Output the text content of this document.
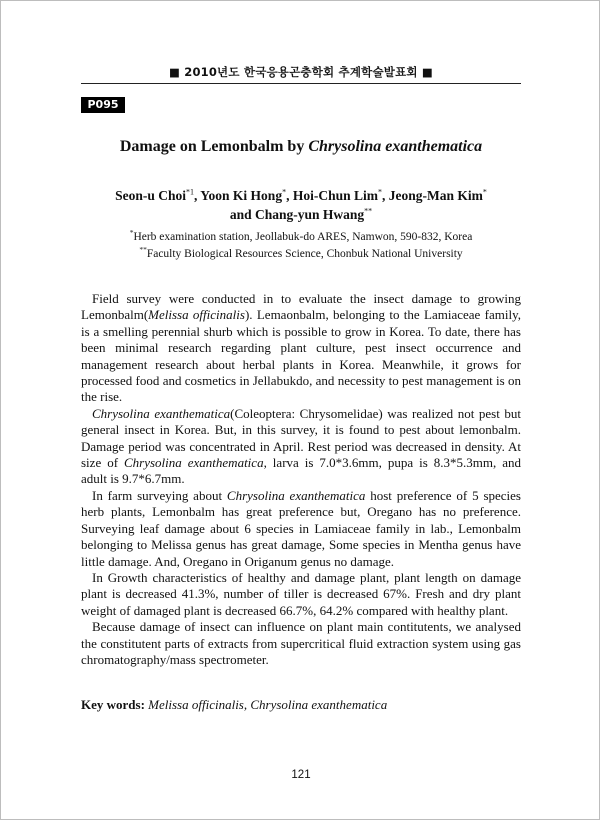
■ 2010년도 한국응용곤충학회 추계학술발표회 ■
P095
Damage on Lemonbalm by Chrysolina exanthematica
Seon-u Choi$^{*1}$, Yoon Ki Hong*, Hoi-Chun Lim*, Jeong-Man Kim*
and Chang-yun Hwang**
*Herb examination station, Jeollabuk-do ARES, Namwon, 590-832, Korea
**Faculty Biological Resources Science, Chonbuk National University

Field survey were conducted in to evaluate the insect damage to growing Lemonbalm(Melissa officinalis). Lemaonbalm, belonging to the Lamiaceae family, is a smelling perennial shurb which is possible to grow in Korea. To date, there has been minimal research regarding plant culture, pest insect occurrence and management research about herbal plants in Korea. Meanwhile, it grows for processed food and cosmetics in Jellabukdo, and necessity to pest management is on the rise.

Chrysolina exanthematica(Coleoptera: Chrysomelidae) was realized not pest but general insect in Korea. But, in this survey, it is found to pest about lemonbalm. Damage period was concentrated in April. Rest period was decreased in density. At size of Chrysolina exanthematica, larva is 7.0*3.6mm, pupa is 8.3*5.3mm, and adult is 9.7*6.7mm.

In farm surveying about Chrysolina exanthematica host preference of 5 species herb plants, Lemonbalm has great preference but, Oregano has no preference. Surveying leaf damage about 6 species in Lamiaceae family in lab., Lemonbalm belonging to Melissa genus has great damage, Some species in Mentha genus have little damage. And, Oregano in Origanum genus no damage.

In Growth characteristics of healthy and damage plant, plant length on damage plant is decreased 41.3%, number of tiller is decreased 67%. Fresh and dry plant weight of damaged plant is decreased 66.7%, 64.2% compared with healthy plant.

Because damage of insect can influence on plant main contitutents, we analysed the constitutent parts of extracts from supercritical fluid extraction system using gas chromatography/mass spectrometer.

Key words: Melissa officinalis, Chrysolina exanthematica
121
